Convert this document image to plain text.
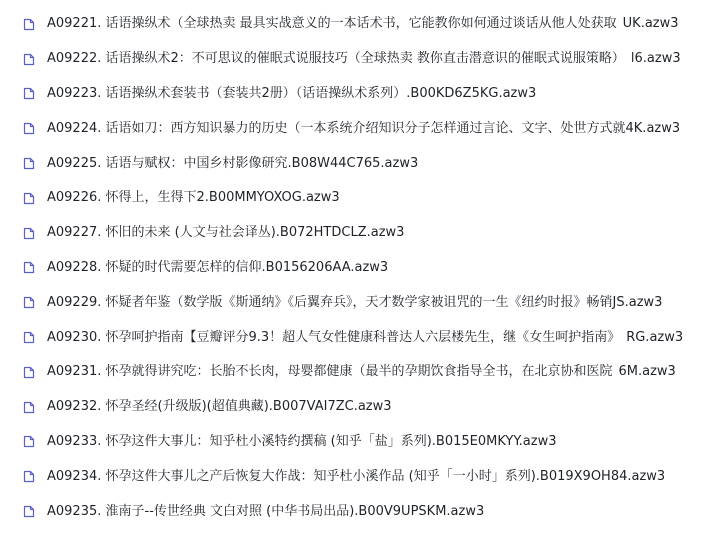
A09221. 话语操纵术（全球热卖 最具实战意义的一本话术书，它能教你如何通过谈话从他人处获取 UK.azw3
A09222. 话语操纵术2：不可思议的催眠式说服技巧（全球热卖 教你直击潜意识的催眠式说服策略） l6.azw3
A09223. 话语操纵术套装书（套装共2册）（话语操纵术系列）.B00KD6Z5KG.azw3
A09224. 话语如刀：西方知识暴力的历史（一本系统介绍知识分子怎样通过言论、文字、处世方式就 4K.azw3
A09225. 话语与赋权：中国乡村影像研究.B08W44C765.azw3
A09226. 怀得上，生得下2.B00MMYOXOG.azw3
A09227. 怀旧的未来 (人文与社会译丛).B072HTDCLZ.azw3
A09228. 怀疑的时代需要怎样的信仰.B0156206AA.azw3
A09229. 怀疑者年鉴（数学版《斯通纳》《后翼弃兵》，天才数学家被诅咒的一生《纽约时报》畅销 JS.azw3
A09230. 怀孕呵护指南【豆瓣评分9.3！超人气女性健康科普达人六层楼先生，继《女生呵护指南》 RG.azw3
A09231. 怀孕就得讲究吃：长胎不长肉，母婴都健康（最半的孕期饮食指导全书，在北京协和医院 6M.azw3
A09232. 怀孕圣经(升级版)(超值典藏).B007VAI7ZC.azw3
A09233. 怀孕这件大事儿：知乎杜小溪特约撰稿 (知乎「盐」系列).B015E0MKYY.azw3
A09234. 怀孕这件大事儿之产后恢复大作战：知乎杜小溪作品 (知乎「一小时」系列).B019X9OH84.azw3
A09235. 淮南子--传世经典 文白对照 (中华书局出品).B00V9UPSKM.azw3
